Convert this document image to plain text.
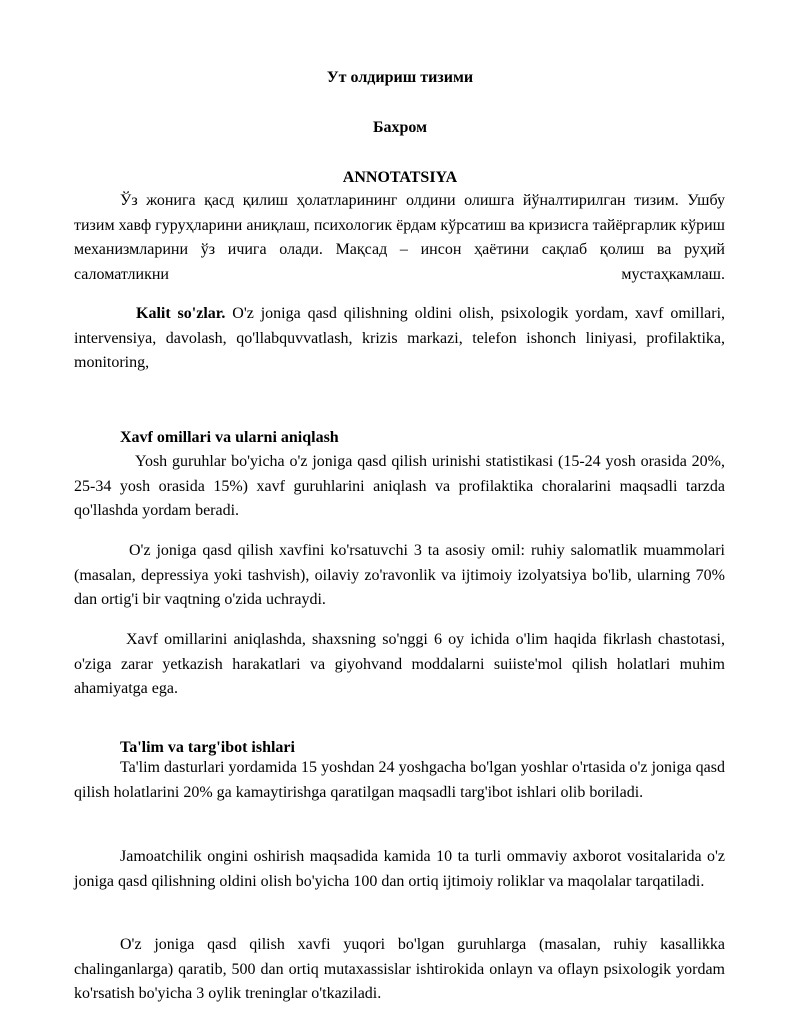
Ут олдириш тизими
Бахром
ANNOTATSIYA

Ўз жонига қасд қилиш ҳолатларининг олдини олишга йўналтирилган тизим. Ушбу тизим хавф гуруҳларини аниқлаш, психологик ёрдам кўрсатиш ва кризисга тайёргарлик кўриш механизмларини ўз ичига олади. Мақсад – инсон ҳаётини сақлаб қолиш ва руҳий саломатликни мустаҳкамлаш.

Kalit so'zlar. O'z joniga qasd qilishning oldini olish, psixologik yordam, xavf omillari, intervensiya, davolash, qo'llabquvvatlash, krizis markazi, telefon ishonch liniyasi, profilaktika, monitoring,

Xavf omillari va ularni aniqlash

Yosh guruhlar bo'yicha o'z joniga qasd qilish urinishi statistikasi (15-24 yosh orasida 20%, 25-34 yosh orasida 15%) xavf guruhlarini aniqlash va profilaktika choralarini maqsadli tarzda qo'llashda yordam beradi.

O'z joniga qasd qilish xavfini ko'rsatuvchi 3 ta asosiy omil: ruhiy salomatlik muammolari (masalan, depressiya yoki tashvish), oilaviy zo'ravonlik va ijtimoiy izolyatsiya bo'lib, ularning 70% dan ortig'i bir vaqtning o'zida uchraydi.

Xavf omillarini aniqlashda, shaxsning so'nggi 6 oy ichida o'lim haqida fikrlash chastotasi, o'ziga zarar yetkazish harakatlari va giyohvand moddalarni suiiste'mol qilish holatlari muhim ahamiyatga ega.

Ta'lim va targ'ibot ishlari

Ta'lim dasturlari yordamida 15 yoshdan 24 yoshgacha bo'lgan yoshlar o'rtasida o'z joniga qasd qilish holatlarini 20% ga kamaytirishga qaratilgan maqsadli targ'ibot ishlari olib boriladi.

Jamoatchilik ongini oshirish maqsadida kamida 10 ta turli ommaviy axborot vositalarida o'z joniga qasd qilishning oldini olish bo'yicha 100 dan ortiq ijtimoiy roliklar va maqolalar tarqatiladi.

O'z joniga qasd qilish xavfi yuqori bo'lgan guruhlarga (masalan, ruhiy kasallikka chalinganlarga) qaratib, 500 dan ortiq mutaxassislar ishtirokida onlayn va oflayn psixologik yordam ko'rsatish bo'yicha 3 oylik treninglar o'tkaziladi.
